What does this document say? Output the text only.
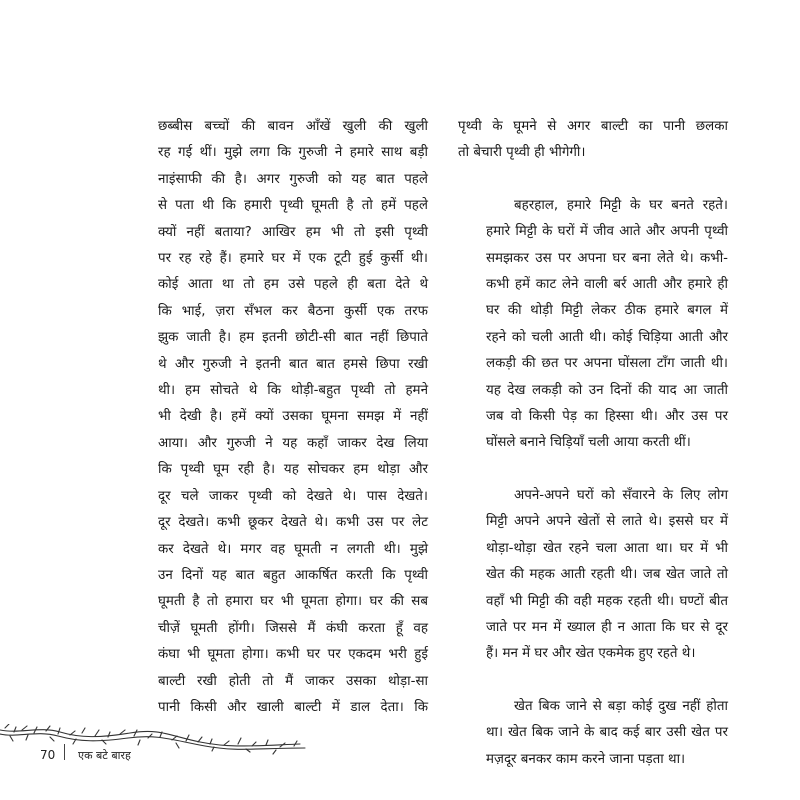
छब्बीस बच्चों की बावन आँखें खुली की खुली
रह गई थीं। मुझे लगा कि गुरुजी ने हमारे साथ बड़ी
नाइंसाफी की है। अगर गुरुजी को यह बात पहले
से पता थी कि हमारी पृथ्वी घूमती है तो हमें पहले
क्यों नहीं बताया? आखिर हम भी तो इसी पृथ्वी
पर रह रहे हैं। हमारे घर में एक टूटी हुई कुर्सी थी।
कोई आता था तो हम उसे पहले ही बता देते थे
कि भाई, ज़रा सँभल कर बैठना कुर्सी एक तरफ
झुक जाती है। हम इतनी छोटी-सी बात नहीं छिपाते
थे और गुरुजी ने इतनी बात बात हमसे छिपा रखी
थी। हम सोचते थे कि थोड़ी-बहुत पृथ्वी तो हमने
भी देखी है। हमें क्यों उसका घूमना समझ में नहीं
आया। और गुरुजी ने यह कहाँ जाकर देख लिया
कि पृथ्वी घूम रही है। यह सोचकर हम थोड़ा और
दूर चले जाकर पृथ्वी को देखते थे। पास देखते।
दूर देखते। कभी छूकर देखते थे। कभी उस पर लेट
कर देखते थे। मगर वह घूमती न लगती थी। मुझे
उन दिनों यह बात बहुत आकर्षित करती कि पृथ्वी
घूमती है तो हमारा घर भी घूमता होगा। घर की सब
चीज़ें घूमती होंगी। जिससे मैं कंघी करता हूँ वह
कंघा भी घूमता होगा। कभी घर पर एकदम भरी हुई
बाल्टी रखी होती तो मैं जाकर उसका थोड़ा-सा
पानी किसी और खाली बाल्टी में डाल देता। कि
पृथ्वी के घूमने से अगर बाल्टी का पानी छलका
तो बेचारी पृथ्वी ही भीगेगी।
बहरहाल, हमारे मिट्टी के घर बनते रहते।
हमारे मिट्टी के घरों में जीव आते और अपनी पृथ्वी
समझकर उस पर अपना घर बना लेते थे। कभी-
कभी हमें काट लेने वाली बर्र आती और हमारे ही
घर की थोड़ी मिट्टी लेकर ठीक हमारे बगल में
रहने को चली आती थी। कोई चिड़िया आती और
लकड़ी की छत पर अपना घोंसला टाँग जाती थी।
यह देख लकड़ी को उन दिनों की याद आ जाती
जब वो किसी पेड़ का हिस्सा थी। और उस पर
घोंसले बनाने चिड़ियाँ चली आया करती थीं।
अपने-अपने घरों को सँवारने के लिए लोग
मिट्टी अपने अपने खेतों से लाते थे। इससे घर में
थोड़ा-थोड़ा खेत रहने चला आता था। घर में भी
खेत की महक आती रहती थी। जब खेत जाते तो
वहाँ भी मिट्टी की वही महक रहती थी। घण्टों बीत
जाते पर मन में ख्याल ही न आता कि घर से दूर
हैं। मन में घर और खेत एकमेक हुए रहते थे।
खेत बिक जाने से बड़ा कोई दुख नहीं होता
था। खेत बिक जाने के बाद कई बार उसी खेत पर
मज़दूर बनकर काम करने जाना पड़ता था।
70 एक बटे बारह
